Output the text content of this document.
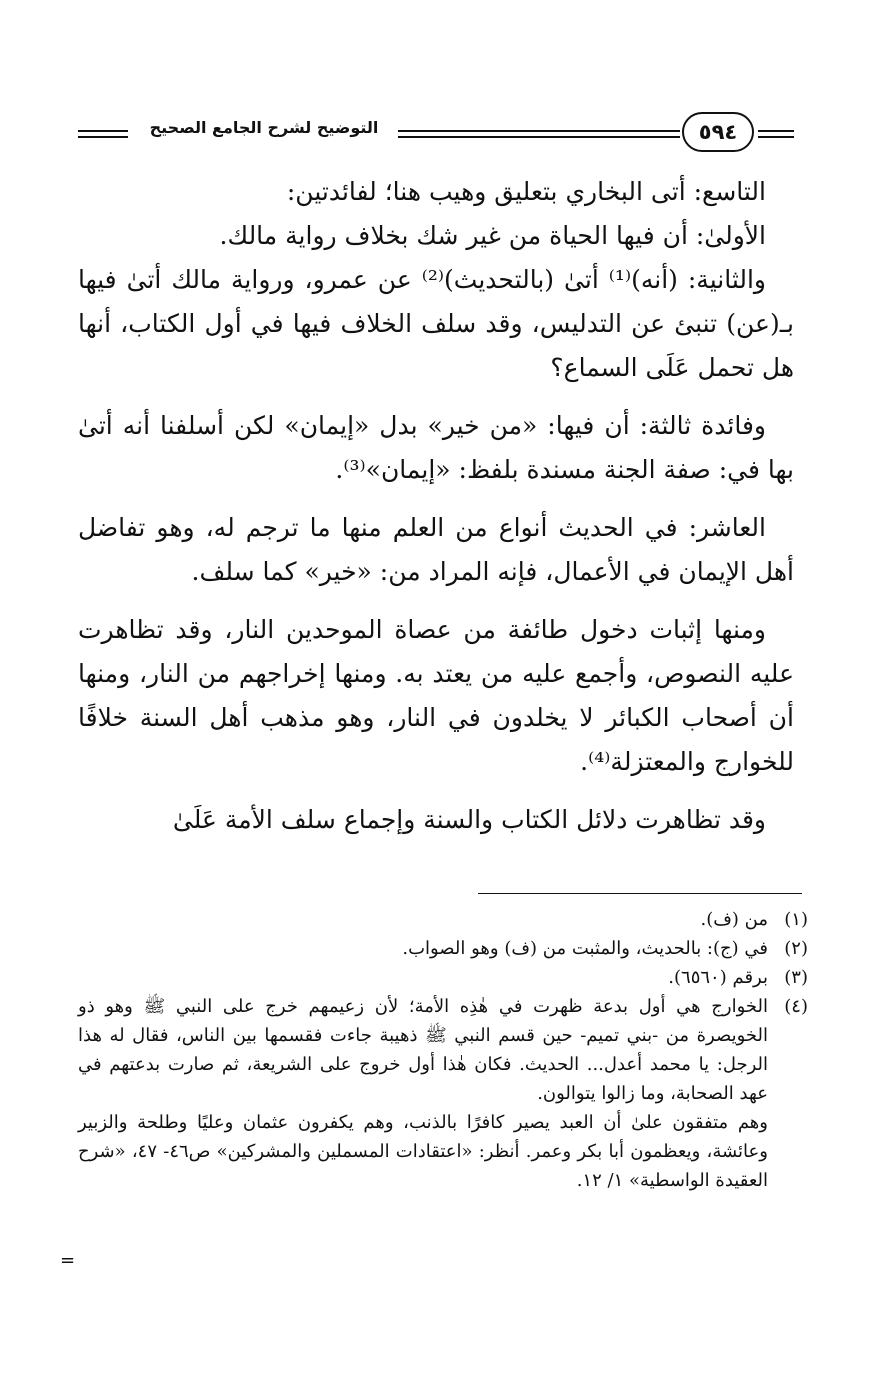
التوضيح لشرح الجامع الصحيح	٥٩٤

التاسع: أتى البخاري بتعليق وهيب هنا؛ لفائدتين:

الأولىٰ: أن فيها الحياة من غير شك بخلاف رواية مالك.

والثانية: (أنه)⁽¹⁾ أتىٰ (بالتحديث)⁽²⁾ عن عمرو، ورواية مالك أتىٰ فيها بـ(عن) تنبئ عن التدليس، وقد سلف الخلاف فيها في أول الكتاب، أنها هل تحمل عَلَى السماع؟

وفائدة ثالثة: أن فيها: «من خير» بدل «إيمان» لكن أسلفنا أنه أتىٰ بها في: صفة الجنة مسندة بلفظ: «إيمان»⁽³⁾.

العاشر: في الحديث أنواع من العلم منها ما ترجم له، وهو تفاضل أهل الإيمان في الأعمال، فإنه المراد من: «خير» كما سلف.

ومنها إثبات دخول طائفة من عصاة الموحدين النار، وقد تظاهرت عليه النصوص، وأجمع عليه من يعتد به. ومنها إخراجهم من النار، ومنها أن أصحاب الكبائر لا يخلدون في النار، وهو مذهب أهل السنة خلافًا للخوارج والمعتزلة⁽⁴⁾.

وقد تظاهرت دلائل الكتاب والسنة وإجماع سلف الأمة عَلَىٰ

(١)

من (ف).

(٢)

في (ج): بالحديث، والمثبت من (ف) وهو الصواب.

(٣)

برقم (٦٥٦٠).

(٤)

الخوارج هي أول بدعة ظهرت في هٰذِه الأمة؛ لأن زعيمهم خرج على النبي ﷺ وهو ذو الخويصرة من -بني تميم- حين قسم النبي ﷺ ذهيبة جاءت فقسمها بين الناس، فقال له هذا الرجل: يا محمد أعدل... الحديث. فكان هٰذا أول خروج على الشريعة، ثم صارت بدعتهم في عهد الصحابة، وما زالوا يتوالون.

وهم متفقون علىٰ أن العبد يصير كافرًا بالذنب، وهم يكفرون عثمان وعليًا وطلحة والزبير وعائشة، ويعظمون أبا بكر وعمر. أنظر: «اعتقادات المسملين والمشركين» ص٤٦- ٤٧، «شرح العقيدة الواسطية» ١/ ١٢.

=
